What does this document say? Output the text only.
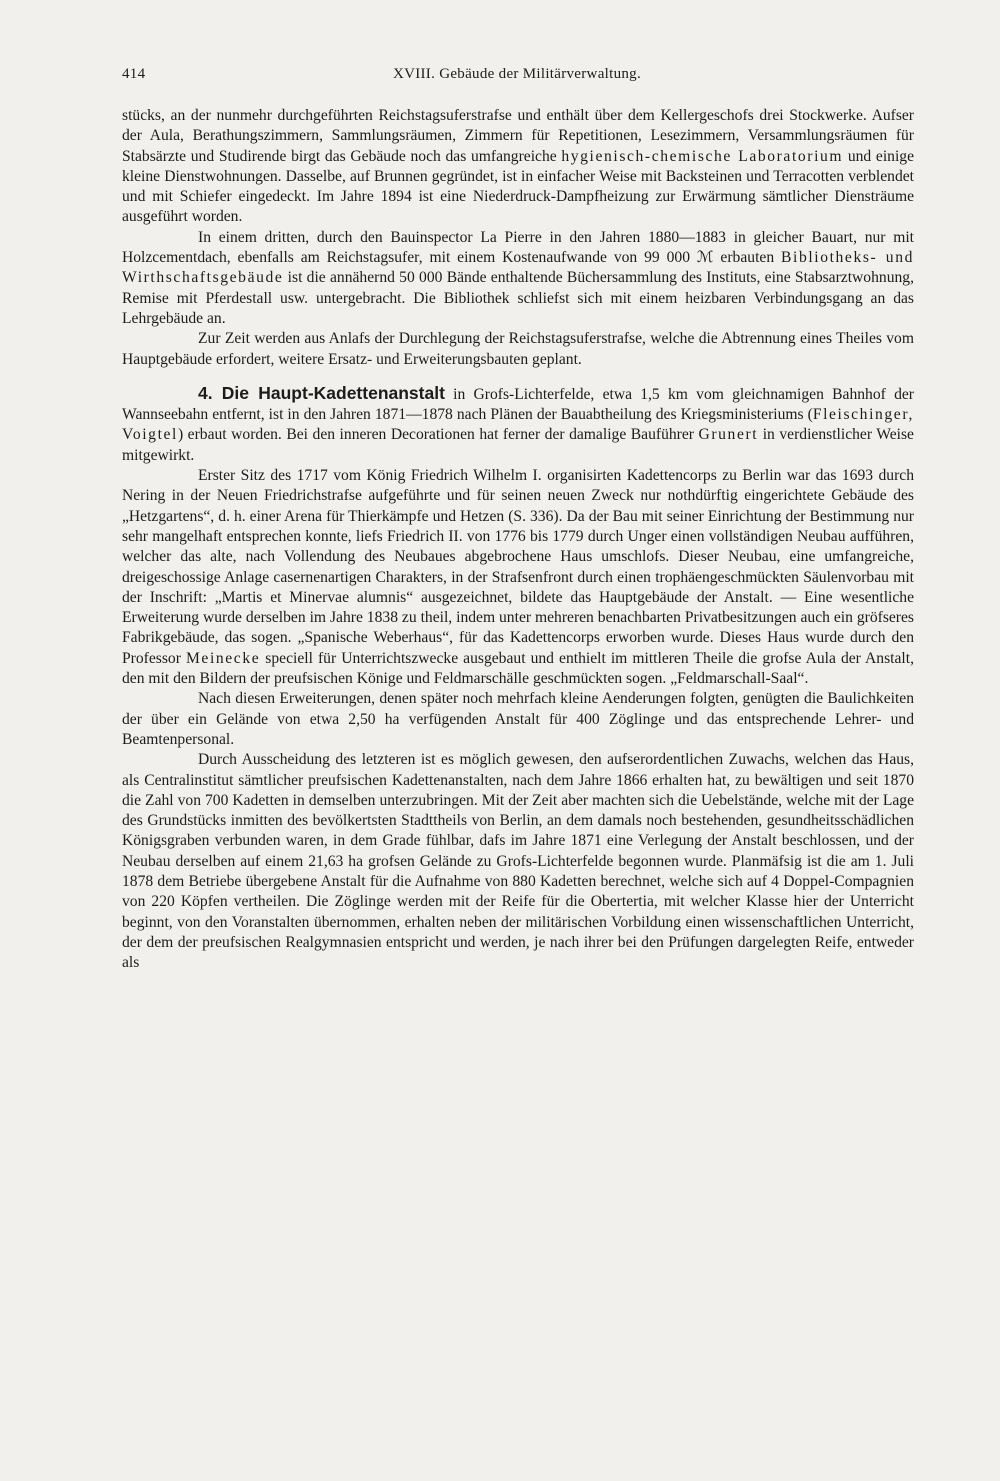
414	XVIII. Gebäude der Militärverwaltung.

stücks, an der nunmehr durchgeführten Reichstagsuferstrafse und enthält über dem Kellergeschofs drei Stockwerke. Aufser der Aula, Berathungszimmern, Sammlungsräumen, Zimmern für Repetitionen, Lesezimmern, Versammlungsräumen für Stabsärzte und Studirende birgt das Gebäude noch das umfangreiche hygienisch-chemische Laboratorium und einige kleine Dienstwohnungen. Dasselbe, auf Brunnen gegründet, ist in einfacher Weise mit Backsteinen und Terracotten verblendet und mit Schiefer eingedeckt. Im Jahre 1894 ist eine Niederdruck-Dampfheizung zur Erwärmung sämtlicher Diensträume ausgeführt worden.

In einem dritten, durch den Bauinspector La Pierre in den Jahren 1880—1883 in gleicher Bauart, nur mit Holzcementdach, ebenfalls am Reichstagsufer, mit einem Kostenaufwande von 99 000 ℳ erbauten Bibliotheks- und Wirthschaftsgebäude ist die annähernd 50 000 Bände enthaltende Büchersammlung des Instituts, eine Stabsarztwohnung, Remise mit Pferdestall usw. untergebracht. Die Bibliothek schliefst sich mit einem heizbaren Verbindungsgang an das Lehrgebäude an.

Zur Zeit werden aus Anlafs der Durchlegung der Reichstagsuferstrafse, welche die Abtrennung eines Theiles vom Hauptgebäude erfordert, weitere Ersatz- und Erweiterungsbauten geplant.

4. Die Haupt-Kadettenanstalt in Grofs-Lichterfelde, etwa 1,5 km vom gleichnamigen Bahnhof der Wannseebahn entfernt, ist in den Jahren 1871—1878 nach Plänen der Bauabtheilung des Kriegsministeriums (Fleischinger, Voigtel) erbaut worden. Bei den inneren Decorationen hat ferner der damalige Bauführer Grunert in verdienstlicher Weise mitgewirkt.

Erster Sitz des 1717 vom König Friedrich Wilhelm I. organisirten Kadettencorps zu Berlin war das 1693 durch Nering in der Neuen Friedrichstrafse aufgeführte und für seinen neuen Zweck nur nothdürftig eingerichtete Gebäude des „Hetzgartens“, d. h. einer Arena für Thierkämpfe und Hetzen (S. 336). Da der Bau mit seiner Einrichtung der Bestimmung nur sehr mangelhaft entsprechen konnte, liefs Friedrich II. von 1776 bis 1779 durch Unger einen vollständigen Neubau aufführen, welcher das alte, nach Vollendung des Neubaues abgebrochene Haus umschlofs. Dieser Neubau, eine umfangreiche, dreigeschossige Anlage casernenartigen Charakters, in der Strafsenfront durch einen trophäengeschmückten Säulenvorbau mit der Inschrift: „Martis et Minervae alumnis“ ausgezeichnet, bildete das Hauptgebäude der Anstalt. — Eine wesentliche Erweiterung wurde derselben im Jahre 1838 zu theil, indem unter mehreren benachbarten Privatbesitzungen auch ein gröfseres Fabrikgebäude, das sogen. „Spanische Weberhaus“, für das Kadettencorps erworben wurde. Dieses Haus wurde durch den Professor Meinecke speciell für Unterrichtszwecke ausgebaut und enthielt im mittleren Theile die grofse Aula der Anstalt, den mit den Bildern der preufsischen Könige und Feldmarschälle geschmückten sogen. „Feldmarschall-Saal“.

Nach diesen Erweiterungen, denen später noch mehrfach kleine Aenderungen folgten, genügten die Baulichkeiten der über ein Gelände von etwa 2,50 ha verfügenden Anstalt für 400 Zöglinge und das entsprechende Lehrer- und Beamtenpersonal.

Durch Ausscheidung des letzteren ist es möglich gewesen, den aufserordentlichen Zuwachs, welchen das Haus, als Centralinstitut sämtlicher preufsischen Kadettenanstalten, nach dem Jahre 1866 erhalten hat, zu bewältigen und seit 1870 die Zahl von 700 Kadetten in demselben unterzubringen. Mit der Zeit aber machten sich die Uebelstände, welche mit der Lage des Grundstücks inmitten des bevölkertsten Stadttheils von Berlin, an dem damals noch bestehenden, gesundheitsschädlichen Königsgraben verbunden waren, in dem Grade fühlbar, dafs im Jahre 1871 eine Verlegung der Anstalt beschlossen, und der Neubau derselben auf einem 21,63 ha grofsen Gelände zu Grofs-Lichterfelde begonnen wurde. Planmäfsig ist die am 1. Juli 1878 dem Betriebe übergebene Anstalt für die Aufnahme von 880 Kadetten berechnet, welche sich auf 4 Doppel-Compagnien von 220 Köpfen vertheilen. Die Zöglinge werden mit der Reife für die Obertertia, mit welcher Klasse hier der Unterricht beginnt, von den Voranstalten übernommen, erhalten neben der militärischen Vorbildung einen wissenschaftlichen Unterricht, der dem der preufsischen Realgymnasien entspricht und werden, je nach ihrer bei den Prüfungen dargelegten Reife, entweder als
